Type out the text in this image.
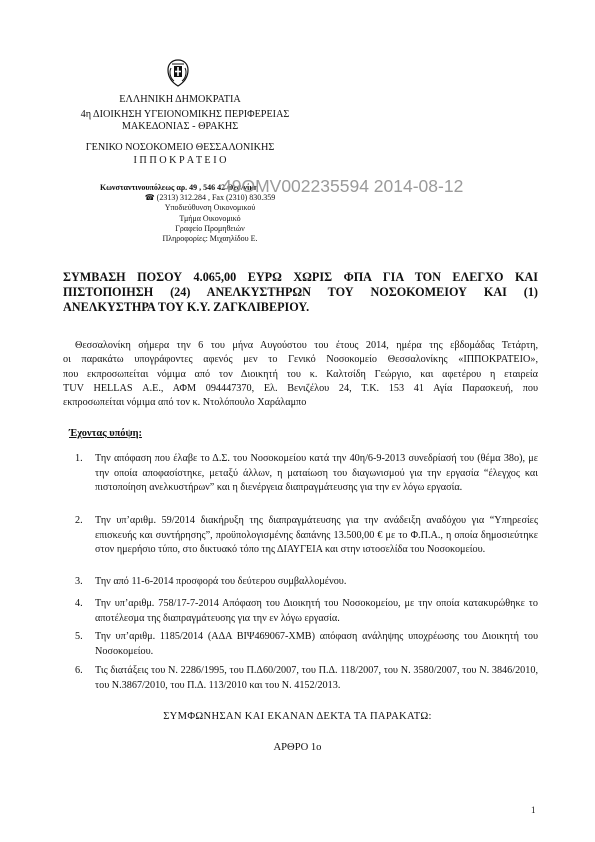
ΕΛΛΗΝΙΚΗ ΔΗΜΟΚΡΑΤΙΑ
4η ΔΙΟΙΚΗΣΗ ΥΓΕΙΟΝΟΜΙΚΗΣ ΠΕΡΙΦΕΡΕΙΑΣ
ΜΑΚΕΔΟΝΙΑΣ - ΘΡΑΚΗΣ
ΓΕΝΙΚΟ ΝΟΣΟΚΟΜΕΙΟ ΘΕΣΣΑΛΟΝΙΚΗΣ
Ι Π Π Ο Κ Ρ Α Τ Ε Ι Ο
Κωνσταντινουπόλεως αρ. 49 , 546 42 Θεσ/νίκη
☎ (2313) 312.284 , Fax (2310) 830.359
Υποδιεύθυνση Οικονομικού
Τμήμα Οικονομικό
Γραφείο Προμηθειών
Πληροφορίες: Μιχαηλίδου Ε.
49ΟΜV002235594 2014-08-12
ΣΥΜΒΑΣΗ ΠΟΣΟΥ 4.065,00 ΕΥΡΩ ΧΩΡΙΣ ΦΠΑ ΓΙΑ ΤΟΝ ΕΛΕΓΧΟ ΚΑΙ ΠΙΣΤΟΠΟΙΗΣΗ (24) ΑΝΕΛΚΥΣΤΗΡΩΝ ΤΟΥ ΝΟΣΟΚΟΜΕΙΟΥ ΚΑΙ (1) ΑΝΕΛΚΥΣΤΗΡΑ ΤΟΥ Κ.Υ. ΖΑΓΚΛΙΒΕΡΙΟΥ.
Θεσσαλονίκη σήμερα την 6 του μήνα Αυγούστου του έτους 2014, ημέρα της εβδομάδας Τετάρτη,
οι παρακάτω υπογράφοντες αφενός μεν το Γενικό Νοσοκομείο Θεσσαλονίκης «ΙΠΠΟΚΡΑΤΕΙΟ»,
που εκπροσωπείται νόμιμα από τον Διοικητή του κ. Καλτσίδη Γεώργιο, και αφετέρου η εταιρεία
TUV HELLAS Α.Ε., ΑΦΜ 094447370, Ελ. Βενιζέλου 24, Τ.Κ. 153 41 Αγία Παρασκευή, που
εκπροσωπείται νόμιμα από τον κ. Ντολόπουλο Χαράλαμπο
Έχοντας υπόψη:
1.	Την απόφαση που έλαβε το Δ.Σ. του Νοσοκομείου κατά την 40η/6-9-2013 συνεδρίασή του (θέμα 38ο), με την οποία αποφασίστηκε, μεταξύ άλλων, η ματαίωση του διαγωνισμού για την εργασία “έλεγχος και πιστοποίηση ανελκυστήρων” και η διενέργεια διαπραγμάτευσης για την εν λόγω εργασία.
2.	Την υπ’αριθμ. 59/2014 διακήρυξη της διαπραγμάτευσης για την ανάδειξη αναδόχου για “Υπηρεσίες επισκευής και συντήρησης”, προϋπολογισμένης δαπάνης 13.500,00 € με το Φ.Π.Α., η οποία δημοσιεύτηκε στον ημερήσιο τύπο, στο δικτυακό τόπο της ΔΙΑΥΓΕΙΑ και στην ιστοσελίδα του Νοσοκομείου.
3.	Την από 11-6-2014 προσφορά του δεύτερου συμβαλλομένου.
4.	Την υπ’αριθμ. 758/17-7-2014 Απόφαση του Διοικητή του Νοσοκομείου, με την οποία κατακυρώθηκε το αποτέλεσμα της διαπραγμάτευσης για την εν λόγω εργασία.
5.	Την υπ’αριθμ. 1185/2014 (ΑΔΑ ΒΙΨ469067-ΧΜΒ) απόφαση ανάληψης υποχρέωσης του Διοικητή του Νοσοκομείου.
6.	Τις διατάξεις του Ν. 2286/1995, του Π.Δ60/2007, του Π.Δ. 118/2007, του Ν. 3580/2007, του Ν. 3846/2010, του Ν.3867/2010, του Π.Δ. 113/2010 και του Ν. 4152/2013.
ΣΥΜΦΩΝΗΣΑΝ ΚΑΙ ΕΚΑΝΑΝ ΔΕΚΤΑ ΤΑ ΠΑΡΑΚΑΤΩ:
ΑΡΘΡΟ 1ο
1
